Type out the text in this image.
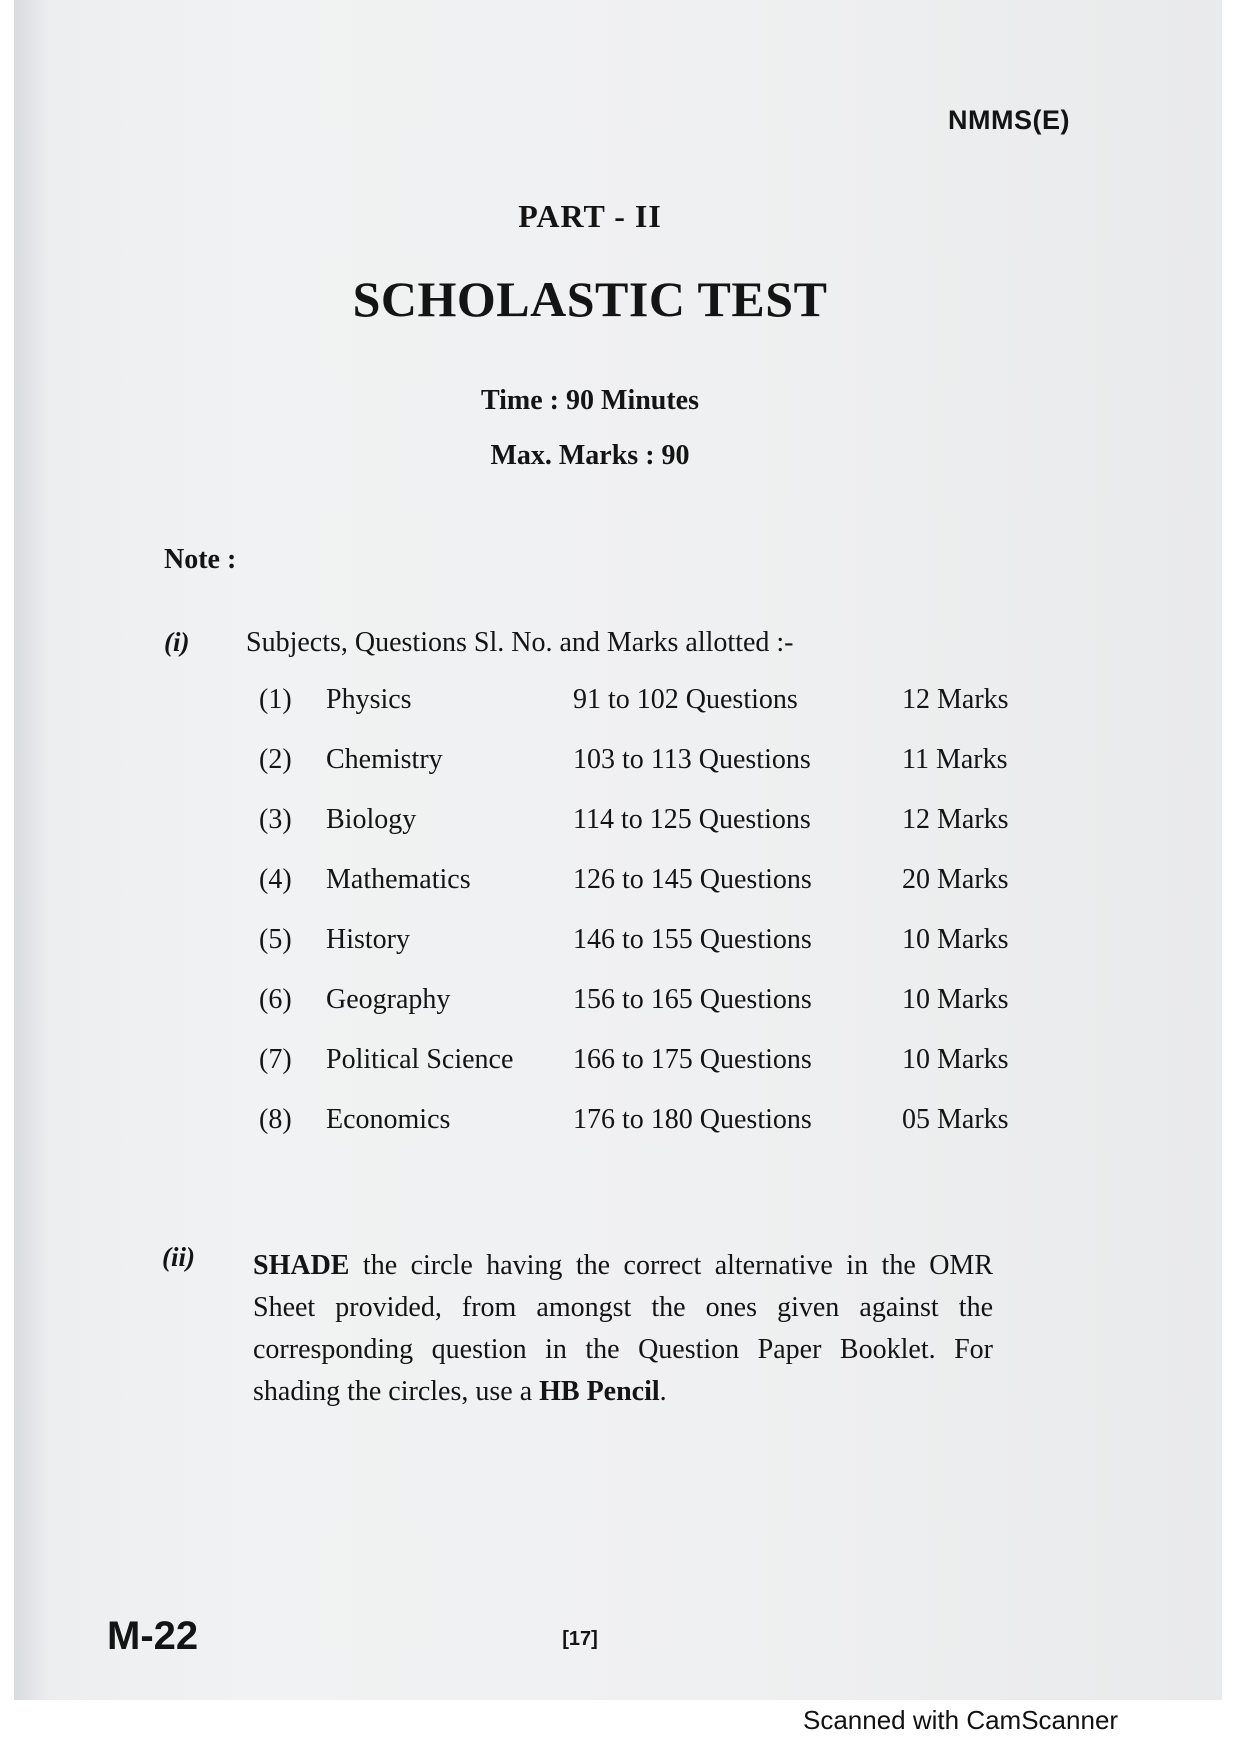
NMMS(E)
PART - II
SCHOLASTIC TEST
Time : 90 Minutes
Max. Marks : 90
Note :
(i) Subjects, Questions Sl. No. and Marks allotted :-
(1) Physics	91 to 102 Questions	12 Marks
(2) Chemistry	103 to 113 Questions	11 Marks
(3) Biology	114 to 125 Questions	12 Marks
(4) Mathematics	126 to 145 Questions	20 Marks
(5) History	146 to 155 Questions	10 Marks
(6) Geography	156 to 165 Questions	10 Marks
(7) Political Science 166 to 175 Questions	10 Marks
(8) Economics	176 to 180 Questions	05 Marks
(ii) SHADE the circle having the correct alternative in the OMR Sheet provided, from amongst the ones given against the corresponding question in the Question Paper Booklet. For shading the circles, use a HB Pencil.
M-22	[17]
Scanned with CamScanner
